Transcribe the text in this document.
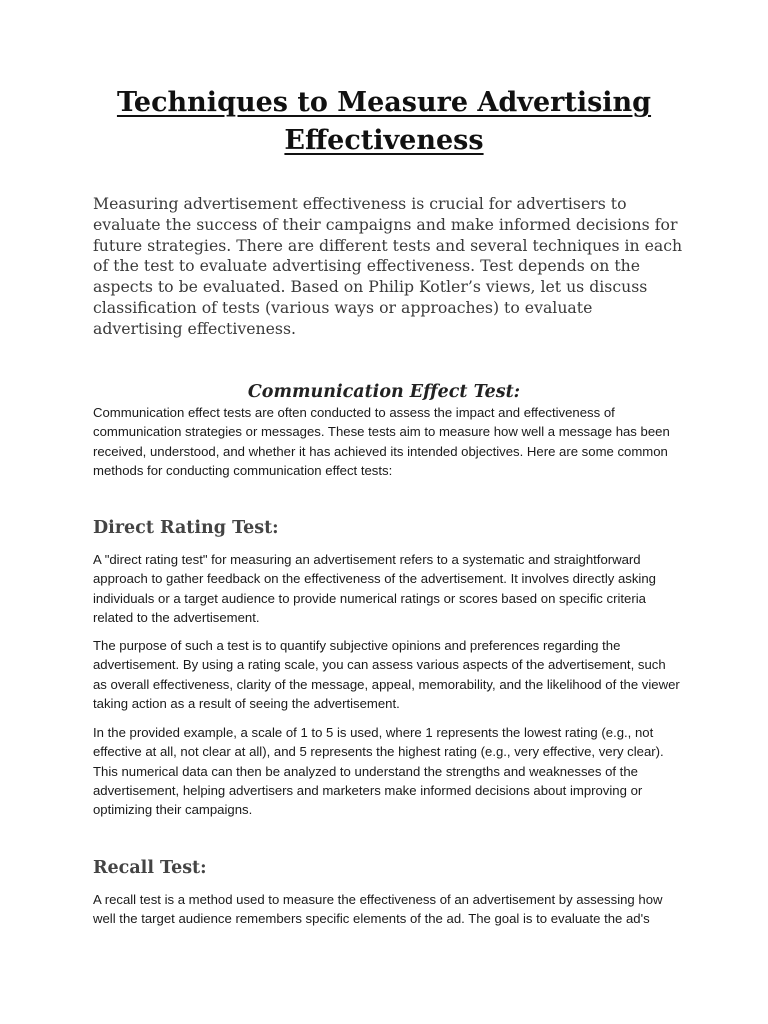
Techniques to Measure Advertising Effectiveness

Measuring advertisement effectiveness is crucial for advertisers to evaluate the success of their campaigns and make informed decisions for future strategies. There are different tests and several techniques in each of the test to evaluate advertising effectiveness. Test depends on the aspects to be evaluated. Based on Philip Kotler’s views, let us discuss classification of tests (various ways or approaches) to evaluate advertising effectiveness.

Communication Effect Test:

Communication effect tests are often conducted to assess the impact and effectiveness of communication strategies or messages. These tests aim to measure how well a message has been received, understood, and whether it has achieved its intended objectives. Here are some common methods for conducting communication effect tests:

Direct Rating Test:

A "direct rating test" for measuring an advertisement refers to a systematic and straightforward approach to gather feedback on the effectiveness of the advertisement. It involves directly asking individuals or a target audience to provide numerical ratings or scores based on specific criteria related to the advertisement.

The purpose of such a test is to quantify subjective opinions and preferences regarding the advertisement. By using a rating scale, you can assess various aspects of the advertisement, such as overall effectiveness, clarity of the message, appeal, memorability, and the likelihood of the viewer taking action as a result of seeing the advertisement.

In the provided example, a scale of 1 to 5 is used, where 1 represents the lowest rating (e.g., not effective at all, not clear at all), and 5 represents the highest rating (e.g., very effective, very clear). This numerical data can then be analyzed to understand the strengths and weaknesses of the advertisement, helping advertisers and marketers make informed decisions about improving or optimizing their campaigns.

Recall Test:

A recall test is a method used to measure the effectiveness of an advertisement by assessing how well the target audience remembers specific elements of the ad. The goal is to evaluate the ad's
